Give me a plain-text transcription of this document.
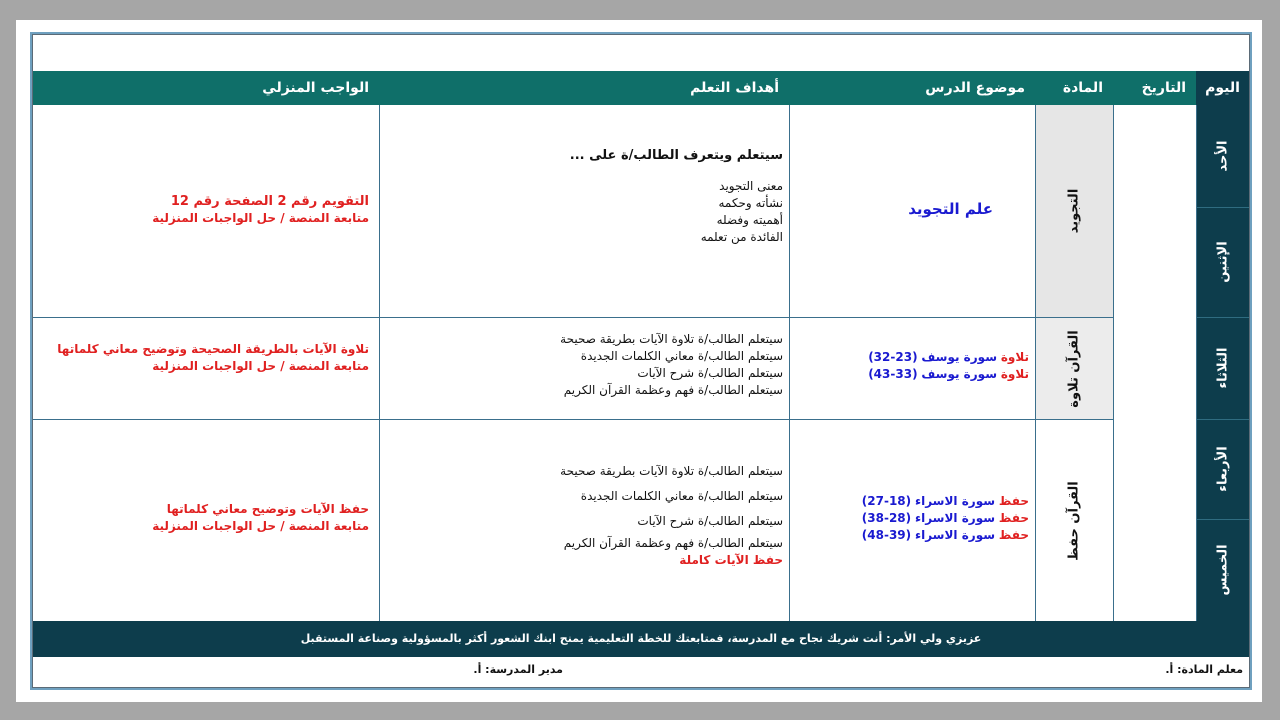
اليوم
التاريخ
المادة
موضوع الدرس
أهداف التعلم
الواجب المنزلي
الأحد
الإثنين
الثلاثاء
الأربعاء
الخميس
التجويد
القرآن تلاوة
القرآن حفظ
علم التجويد
سيتعلم ويتعرف الطالب/ة على ...
معنى التجويد
نشأته وحكمه
أهميته وفضله
الفائدة من تعلمه
التقويم رقم 2 الصفحة رقم 12
متابعة المنصة / حل الواجبات المنزلية
تلاوة سورة يوسف (23-32)
تلاوة سورة يوسف (33-43)
سيتعلم الطالب/ة تلاوة الآيات بطريقة صحيحة
سيتعلم الطالب/ة معاني الكلمات الجديدة
سيتعلم الطالب/ة شرح الآيات
سيتعلم الطالب/ة فهم وعظمة القرآن الكريم
تلاوة الآيات بالطريقة الصحيحة وتوضيح معاني كلماتها
متابعة المنصة / حل الواجبات المنزلية
حفظ سورة الاسراء (18-27)
حفظ سورة الاسراء (28-38)
حفظ سورة الاسراء (39-48)
سيتعلم الطالب/ة تلاوة الآيات بطريقة صحيحة
سيتعلم الطالب/ة معاني الكلمات الجديدة
سيتعلم الطالب/ة شرح الآيات
سيتعلم الطالب/ة فهم وعظمة القرآن الكريم
حفظ الآيات كاملة
حفظ الآيات وتوضيح معاني كلماتها
متابعة المنصة / حل الواجبات المنزلية
عزيزي ولي الأمر: أنت شريك نجاح مع المدرسة، فمتابعتك للخطة التعليمية يمنح ابنك الشعور أكثر بالمسؤولية وصناعة المستقبل
معلم المادة: أ.
مدير المدرسة: أ.
